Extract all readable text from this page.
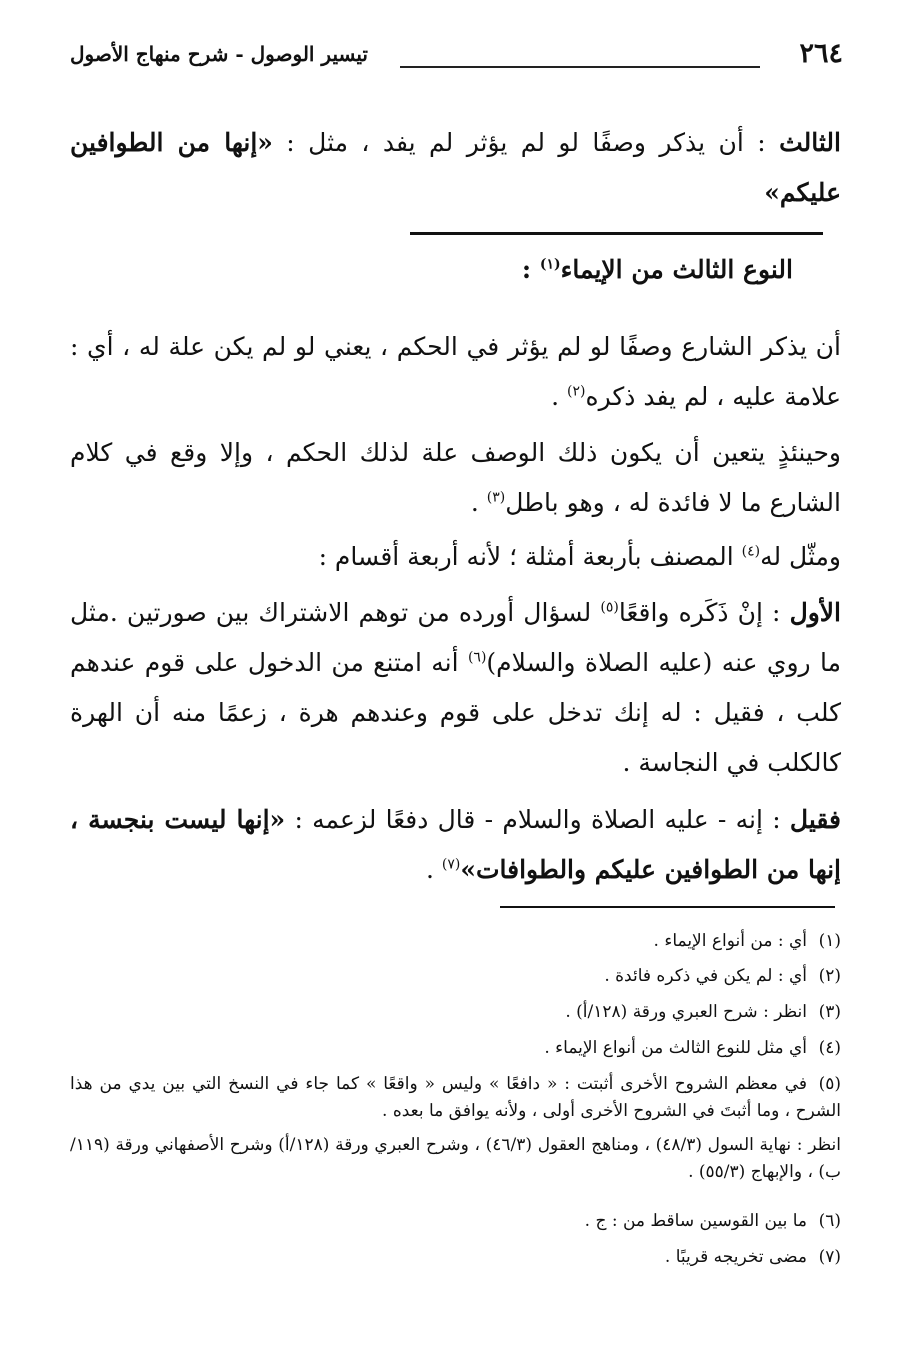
٢٦٤
تيسير الوصول - شرح منهاج الأصول
الثالث : أن يذكر وصفًا لو لم يؤثر لم يفد ، مثل : «إنها من الطوافين عليكم»
النوع الثالث من الإيماء$^{(١)}$ :
أن يذكر الشارع وصفًا لو لم يؤثر في الحكم ، يعني لو لم يكن علة له ، أي : علامة عليه ، لم يفد ذكره$^{(٢)}$ .
وحينئذٍ يتعين أن يكون ذلك الوصف علة لذلك الحكم ، وإلا وقع في كلام الشارع ما لا فائدة له ، وهو باطل$^{(٣)}$ .
ومثّل له$^{(٤)}$ المصنف بأربعة أمثلة ؛ لأنه أربعة أقسام :
الأول : إنْ ذَكَره واقعًا$^{(٥)}$ لسؤال أورده من توهم الاشتراك بين صورتين .مثل ما روي عنه (عليه الصلاة والسلام)$^{(٦)}$ أنه امتنع من الدخول على قوم عندهم كلب ، فقيل : له إنك تدخل على قوم وعندهم هرة ، زعمًا منه أن الهرة كالكلب في النجاسة .
فقيل : إنه - عليه الصلاة والسلام - قال دفعًا لزعمه : «إنها ليست بنجسة ، إنها من الطوافين عليكم والطوافات»$^{(٧)}$ .
(١)أي : من أنواع الإيماء .
(٢)أي : لم يكن في ذكره فائدة .
(٣)انظر : شرح العبري ورقة (١٢٨/أ) .
(٤)أي مثل للنوع الثالث من أنواع الإيماء .
(٥)في معظم الشروح الأخرى أثبتت : « دافعًا » وليس « واقعًا » كما جاء في النسخ التي بين يدي من هذا الشرح ، وما أثبتَ في الشروح الأخرى أولى ، ولأنه يوافق ما بعده .
انظر : نهاية السول (٤٨/٣) ، ومناهج العقول (٤٦/٣) ، وشرح العبري ورقة (١٢٨/أ) وشرح الأصفهاني ورقة (١١٩/ب) ، والإبهاج (٥٥/٣) .
(٦)ما بين القوسين ساقط من : ج .
(٧)مضى تخريجه قريبًا .
